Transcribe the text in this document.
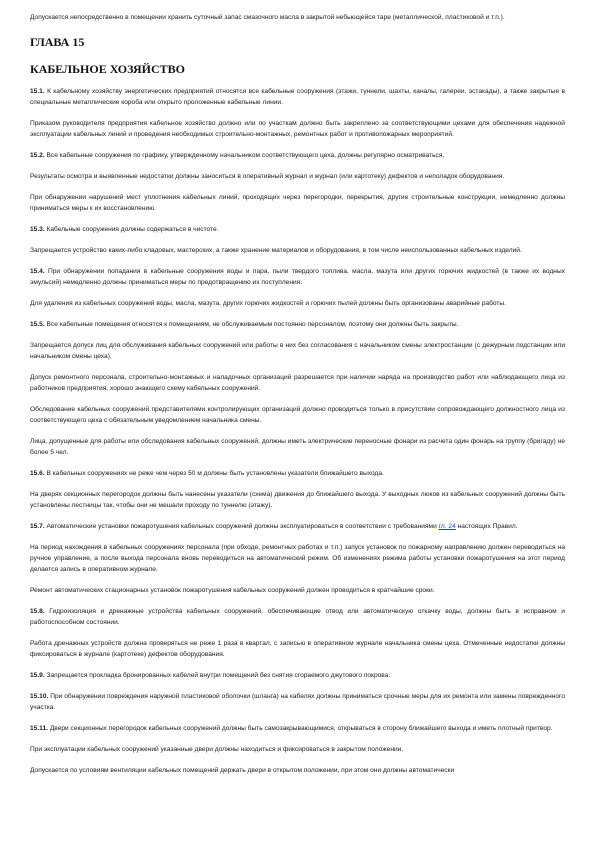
Допускается непосредственно в помещении хранить суточный запас смазочного масла в закрытой небьющейся таре (металлической, пластиковой и т.п.).

ГЛАВА 15
КАБЕЛЬНОЕ ХОЗЯЙСТВО

15.1. К кабельному хозяйству энергетических предприятий относятся все кабельные сооружения (этажи, туннели, шахты, каналы, галереи, эстакады), а также закрытые в специальные металлические короба или открыто проложенные кабельные линии.

Приказом руководителя предприятия кабельное хозяйство должно или по участкам должно быть закреплено за соответствующими цехами для обеспечения надежной эксплуатации кабельных линий и проведения необходимых строительно-монтажных, ремонтных работ и противопожарных мероприятий.

15.2. Все кабельные сооружения по графику, утвержденному начальником соответствующего цеха, должны регулярно осматриваться.

Результаты осмотра и выявленные недостатки должны заноситься в оперативный журнал и журнал (или картотеку) дефектов и неполадок оборудования.

При обнаружении нарушений мест уплотнения кабельных линий, проходящих через перегородки, перекрытия, другие строительные конструкции, немедленно должны приниматься меры к их восстановлению.

15.3. Кабельные сооружения должны содержаться в чистоте.

Запрещается устройство каких-либо кладовых, мастерских, а также хранение материалов и оборудования, в том числе неиспользованных кабельных изделий.

15.4. При обнаружении попадания в кабельные сооружения воды и пара, пыли твердого топлива, масла, мазута или других горючих жидкостей (в также их водных эмульсий) немедленно должны приниматься меры по предотвращению их поступления.

Для удаления из кабельных сооружений воды, масла, мазута, других горючих жидкостей и горючих пылей должны быть организованы аварийные работы.

15.5. Все кабельные помещения относятся к помещениям, не обслуживаемым постоянно персоналом, поэтому они должны быть закрыты.

Запрещается допуск лиц для обслуживания кабельных сооружений или работы в них без согласования с начальником смены электростанции (с дежурным подстанции или начальником смены цеха).

Допуск ремонтного персонала, строительно-монтажных и наладочных организаций разрешается при наличии наряда на производство работ или наблюдающего лица из работников предприятия, хорошо знающего схему кабельных сооружений.

Обследование кабельных сооружений представителями контролирующих организаций должно проводиться только в присутствии сопровождающего должностного лица из соответствующего цеха с обязательным уведомлением начальника смены.

Лица, допущенные для работы или обследования кабельных сооружений, должны иметь электрические переносные фонари из расчета один фонарь на группу (бригаду) не более 5 чел.

15.6. В кабельных сооружениях не реже чем через 50 м должны быть установлены указатели ближайшего выхода.

На дверях секционных перегородок должны быть нанесены указатели (схема) движения до ближайшего выхода. У выходных люков из кабельных сооружений должны быть установлены лестницы так, чтобы они не мешали проходу по туннелю (этажу).

15.7. Автоматические установки пожаротушения кабельных сооружений должны эксплуатироваться в соответствии с требованиями гл. 24 настоящих Правил.

На период нахождения в кабельных сооружениях персонала (при обходе, ремонтных работах и т.п.) запуск установок по пожарному направлению должен переводиться на ручное управление, а после выхода персонала вновь переводиться на автоматический режим. Об изменениях режима работы установки пожаротушения на этот период делается запись в оперативном журнале.

Ремонт автоматических стационарных установок пожаротушения кабельных сооружений должен проводиться в кратчайшие сроки.

15.8. Гидроизоляция и дренажные устройства кабельных сооружений, обеспечивающие отвод или автоматическую откачку воды, должны быть в исправном и работоспособном состоянии.

Работа дренажных устройств должна проверяться не реже 1 раза в квартал, с записью в оперативном журнале начальника смены цеха. Отмеченные недостатки должны фиксироваться в журнале (картотеке) дефектов оборудования.

15.9. Запрещается прокладка бронированных кабелей внутри помещений без снятия сгораемого джутового покрова.

15.10. При обнаружении повреждения наружной пластиковой оболочки (шланга) на кабелях должны приниматься срочные меры для их ремонта или замены поврежденного участка.

15.11. Двери секционных перегородок кабельных сооружений должны быть самозакрывающимися, открываться в сторону ближайшего выхода и иметь плотный притвор.

При эксплуатации кабельных сооружений указанные двери должны находиться и фиксироваться в закрытом положении.

Допускается по условиям вентиляции кабельных помещений держать двери в открытом положении, при этом они должны автоматически
